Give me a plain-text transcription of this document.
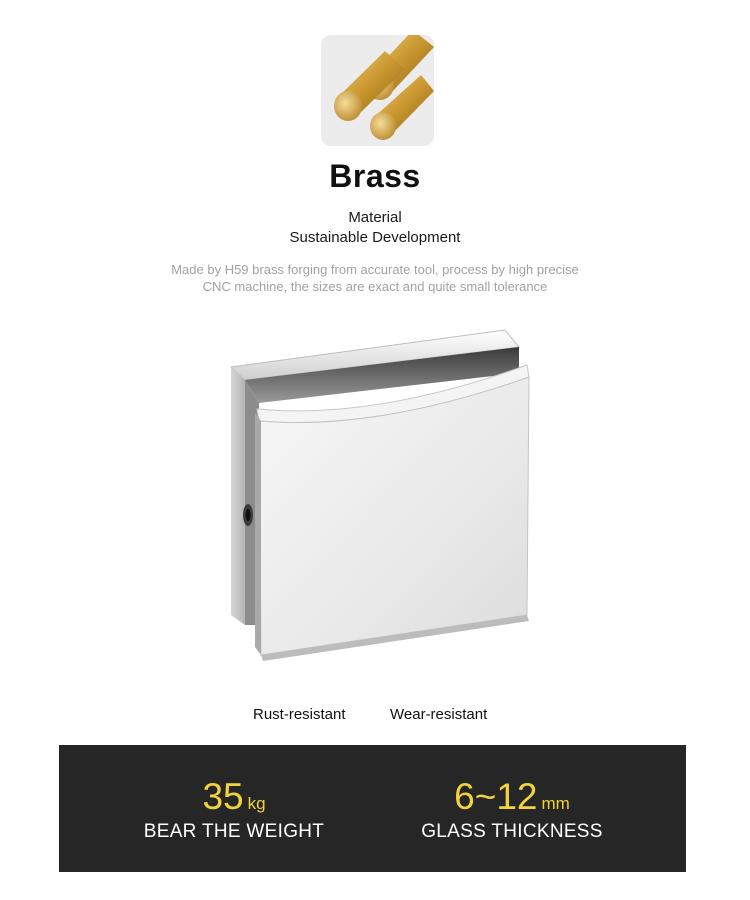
Brass
Material
Sustainable Development
Made by H59 brass forging from accurate tool, process by high precise
CNC machine, the sizes are exact and quite small tolerance
Rust-resistant	Wear-resistant
35 kg
BEAR THE WEIGHT
6~12 mm
GLASS THICKNESS
